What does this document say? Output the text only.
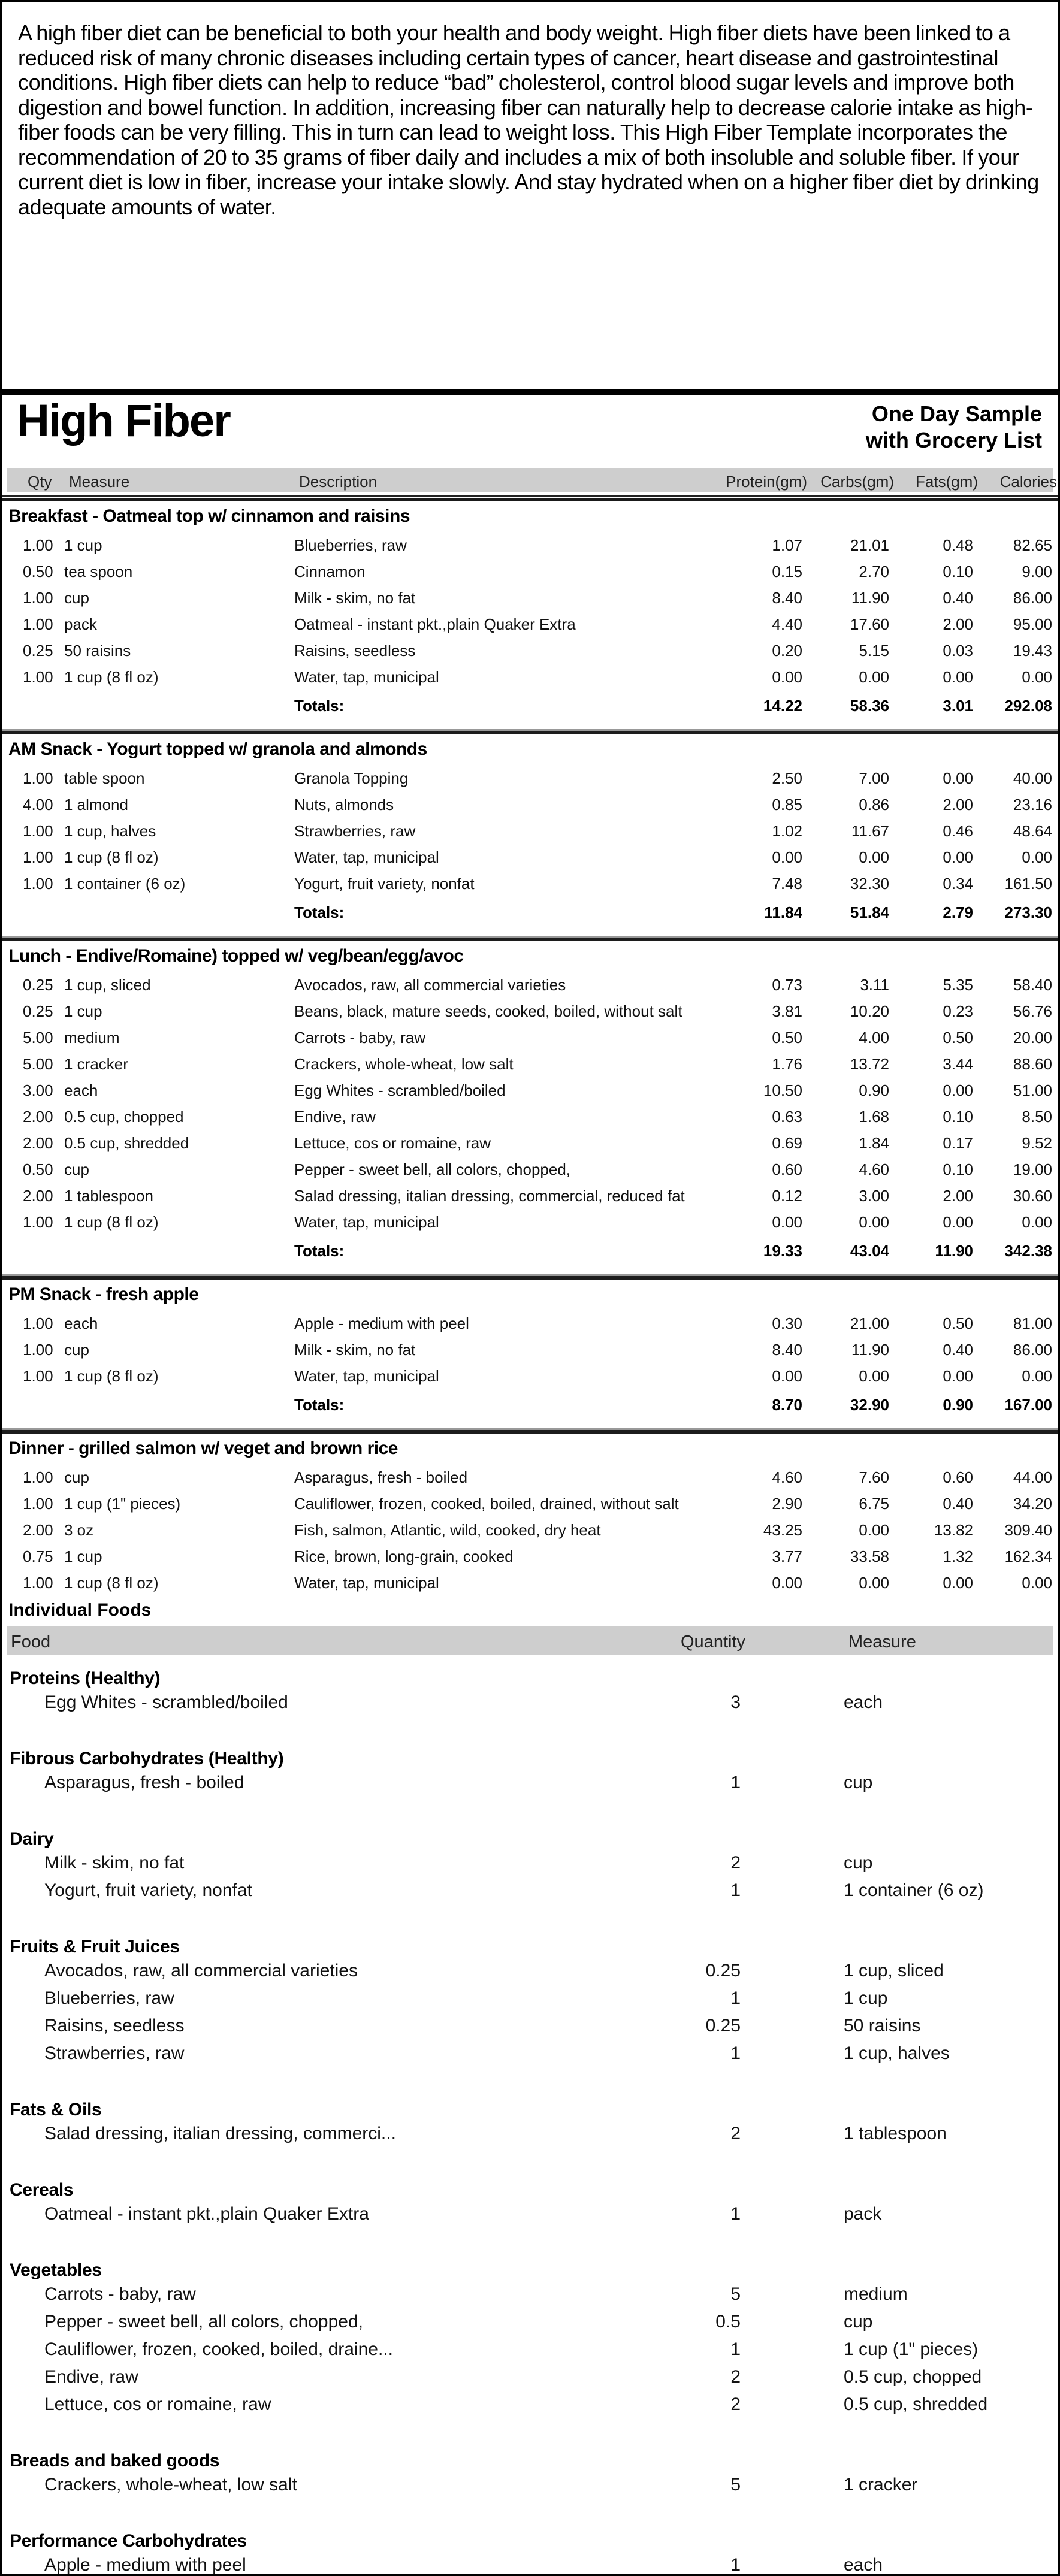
A high fiber diet can be beneficial to both your health and body weight. High fiber diets have been linked to a reduced risk of many chronic diseases including certain types of cancer, heart disease and gastrointestinal conditions. High fiber diets can help to reduce “bad” cholesterol, control blood sugar levels and improve both digestion and bowel function. In addition, increasing fiber can naturally help to decrease calorie intake as high-fiber foods can be very filling. This in turn can lead to weight loss. This High Fiber Template incorporates the recommendation of 20 to 35 grams of fiber daily and includes a mix of both insoluble and soluble fiber. If your current diet is low in fiber, increase your intake slowly. And stay hydrated when on a higher fiber diet by drinking adequate amounts of water.
High Fiber	One Day Sample
with Grocery List
Qty Measure	Description	Protein(gm) Carbs(gm)	Fats(gm)	Calories
Breakfast - Oatmeal top w/ cinnamon and raisins
1.00 1 cup	Blueberries, raw	1.07	21.01	0.48	82.65
0.50 tea spoon	Cinnamon	0.15	2.70	0.10	9.00
1.00 cup	Milk - skim, no fat	8.40	11.90	0.40	86.00
1.00 pack	Oatmeal - instant pkt.,plain Quaker Extra	4.40	17.60	2.00	95.00
0.25 50 raisins	Raisins, seedless	0.20	5.15	0.03	19.43
1.00 1 cup (8 fl oz)	Water, tap, municipal	0.00	0.00	0.00	0.00
Totals:	14.22	58.36	3.01	292.08
AM Snack - Yogurt topped w/ granola and almonds
1.00 table spoon	Granola Topping	2.50	7.00	0.00	40.00
4.00 1 almond	Nuts, almonds	0.85	0.86	2.00	23.16
1.00 1 cup, halves	Strawberries, raw	1.02	11.67	0.46	48.64
1.00 1 cup (8 fl oz)	Water, tap, municipal	0.00	0.00	0.00	0.00
1.00 1 container (6 oz)	Yogurt, fruit variety, nonfat	7.48	32.30	0.34	161.50
Totals:	11.84	51.84	2.79	273.30
Lunch - Endive/Romaine) topped w/ veg/bean/egg/avoc
0.25 1 cup, sliced	Avocados, raw, all commercial varieties	0.73	3.11	5.35	58.40
0.25 1 cup	Beans, black, mature seeds, cooked, boiled, without salt	3.81	10.20	0.23	56.76
5.00 medium	Carrots - baby, raw	0.50	4.00	0.50	20.00
5.00 1 cracker	Crackers, whole-wheat, low salt	1.76	13.72	3.44	88.60
3.00 each	Egg Whites - scrambled/boiled	10.50	0.90	0.00	51.00
2.00 0.5 cup, chopped	Endive, raw	0.63	1.68	0.10	8.50
2.00 0.5 cup, shredded	Lettuce, cos or romaine, raw	0.69	1.84	0.17	9.52
0.50 cup	Pepper - sweet bell, all colors, chopped,	0.60	4.60	0.10	19.00
2.00 1 tablespoon	Salad dressing, italian dressing, commercial, reduced fat	0.12	3.00	2.00	30.60
1.00 1 cup (8 fl oz)	Water, tap, municipal	0.00	0.00	0.00	0.00
Totals:	19.33	43.04	11.90	342.38
PM Snack - fresh apple
1.00 each	Apple - medium with peel	0.30	21.00	0.50	81.00
1.00 cup	Milk - skim, no fat	8.40	11.90	0.40	86.00
1.00 1 cup (8 fl oz)	Water, tap, municipal	0.00	0.00	0.00	0.00
Totals:	8.70	32.90	0.90	167.00
Dinner - grilled salmon w/ veget and brown rice
1.00 cup	Asparagus, fresh - boiled	4.60	7.60	0.60	44.00
1.00 1 cup (1" pieces)	Cauliflower, frozen, cooked, boiled, drained, without salt	2.90	6.75	0.40	34.20
2.00 3 oz	Fish, salmon, Atlantic, wild, cooked, dry heat	43.25	0.00	13.82	309.40
0.75 1 cup	Rice, brown, long-grain, cooked	3.77	33.58	1.32	162.34
1.00 1 cup (8 fl oz)	Water, tap, municipal	0.00	0.00	0.00	0.00
Individual Foods
Food	Quantity	Measure
Proteins (Healthy)
Egg Whites - scrambled/boiled	3	each
Fibrous Carbohydrates (Healthy)
Asparagus, fresh - boiled	1	cup
Dairy
Milk - skim, no fat	2	cup
Yogurt, fruit variety, nonfat	1	1 container (6 oz)
Fruits & Fruit Juices
Avocados, raw, all commercial varieties	0.25	1 cup, sliced
Blueberries, raw	1	1 cup
Raisins, seedless	0.25	50 raisins
Strawberries, raw	1	1 cup, halves
Fats & Oils
Salad dressing, italian dressing, commerci...	2	1 tablespoon
Cereals
Oatmeal - instant pkt.,plain Quaker Extra	1	pack
Vegetables
Carrots - baby, raw	5	medium
Pepper - sweet bell, all colors, chopped,	0.5	cup
Cauliflower, frozen, cooked, boiled, draine...	1	1 cup (1" pieces)
Endive, raw	2	0.5 cup, chopped
Lettuce, cos or romaine, raw	2	0.5 cup, shredded
Breads and baked goods
Crackers, whole-wheat, low salt	5	1 cracker
Performance Carbohydrates
Apple - medium with peel	1	each
